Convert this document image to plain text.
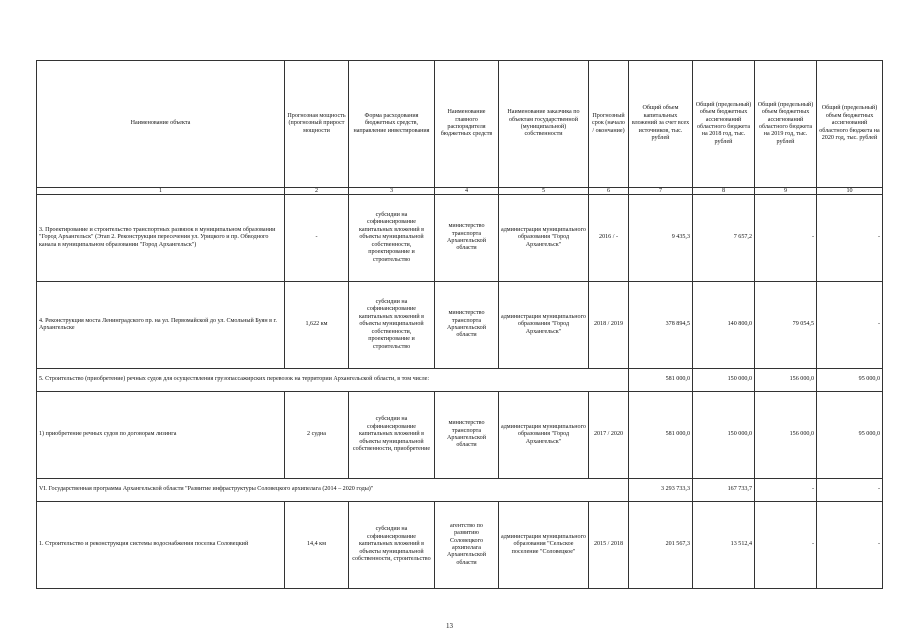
Наименование объекта	Прогнозная мощность (прогнозный прирост мощности	Форма расходования бюджетных средств, направление инвестирования	Наименование главного распорядителя бюджетных средств	Наименование заказчика по объектам государственной (муниципальной) собственности	Прогнозный срок (начало / окончание)	Общий объем капитальных вложений за счет всех источников, тыс. рублей	Общий (предельный) объем бюджетных ассигнований областного бюджета на 2018 год, тыс. рублей	Общий (предельный) объем бюджетных ассигнований областного бюджета на 2019 год, тыс. рублей	Общий (предельный) объем бюджетных ассигнований областного бюджета на 2020 год, тыс. рублей
1	2	3	4	5	6	7	8	9	10
3. Проектирование и строительство транспортных развязок в муниципальном образовании "Город Архангельск" (Этап 2. Реконструкция пересечения ул. Урицкого и пр. Обводного канала в муниципальном образовании "Город Архангельск")	-	субсидии на софинансирование капитальных вложений в объекты муниципальной собственности, проектирование и строительство	министерство транспорта Архангельской области	администрация муниципального образования "Город Архангельск"	2016 / -	9 435,3	7 657,2	-	-
4. Реконструкция моста Ленинградского пр. на ул. Первомайской до ул. Смольный Буян в г. Архангельске	1,622 км	субсидии на софинансирование капитальных вложений в объекты муниципальной собственности, проектирование и строительство	министерство транспорта Архангельской области	администрация муниципального образования "Город Архангельск"	2018 / 2019	378 894,5	140 800,0	79 054,5	-
5. Строительство (приобретение) речных судов для осуществления грузопассажирских перевозок на территории Архангельской области, в том числе:						581 000,0	150 000,0	156 000,0	95 000,0
1) приобретение речных судов по договорам лизинга	2 судна	субсидии на софинансирование капитальных вложений в объекты муниципальной собственности, приобретение	министерство транспорта Архангельской области	администрация муниципального образования "Город Архангельск"	2017 / 2020	581 000,0	150 000,0	156 000,0	95 000,0
VI. Государственная программа Архангельской области "Развитие инфраструктуры Соловецкого архипелага (2014 – 2020 годы)"						3 293 733,3	167 733,7	-	-
1. Строительство и реконструкция системы водоснабжения поселка Соловецкий	14,4 км	субсидии на софинансирование капитальных вложений в объекты муниципальной собственности, строительство	агентство по развитию Соловецкого архипелага Архангельской области	администрация муниципального образования "Сельское поселение "Соловецкое"	2015 / 2018	201 567,3	13 512,4	-	-
13
